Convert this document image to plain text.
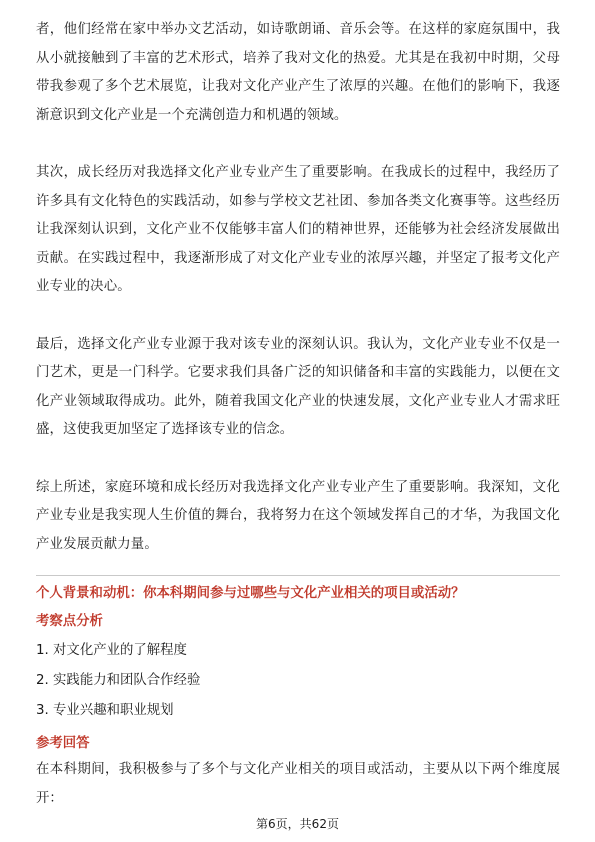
者，他们经常在家中举办文艺活动，如诗歌朗诵、音乐会等。在这样的家庭氛围中，我从小就接触到了丰富的艺术形式，培养了我对文化的热爱。尤其是在我初中时期，父母带我参观了多个艺术展览，让我对文化产业产生了浓厚的兴趣。在他们的影响下，我逐渐意识到文化产业是一个充满创造力和机遇的领域。

其次，成长经历对我选择文化产业专业产生了重要影响。在我成长的过程中，我经历了许多具有文化特色的实践活动，如参与学校文艺社团、参加各类文化赛事等。这些经历让我深刻认识到，文化产业不仅能够丰富人们的精神世界，还能够为社会经济发展做出贡献。在实践过程中，我逐渐形成了对文化产业专业的浓厚兴趣，并坚定了报考文化产业专业的决心。

最后，选择文化产业专业源于我对该专业的深刻认识。我认为，文化产业专业不仅是一门艺术，更是一门科学。它要求我们具备广泛的知识储备和丰富的实践能力，以便在文化产业领域取得成功。此外，随着我国文化产业的快速发展，文化产业专业人才需求旺盛，这使我更加坚定了选择该专业的信念。

综上所述，家庭环境和成长经历对我选择文化产业专业产生了重要影响。我深知，文化产业专业是我实现人生价值的舞台，我将努力在这个领域发挥自己的才华，为我国文化产业发展贡献力量。

个人背景和动机：你本科期间参与过哪些与文化产业相关的项目或活动？
考察点分析
1. 对文化产业的了解程度
2. 实践能力和团队合作经验
3. 专业兴趣和职业规划
参考回答

在本科期间，我积极参与了多个与文化产业相关的项目或活动，主要从以下两个维度展开：

第6页，共62页
